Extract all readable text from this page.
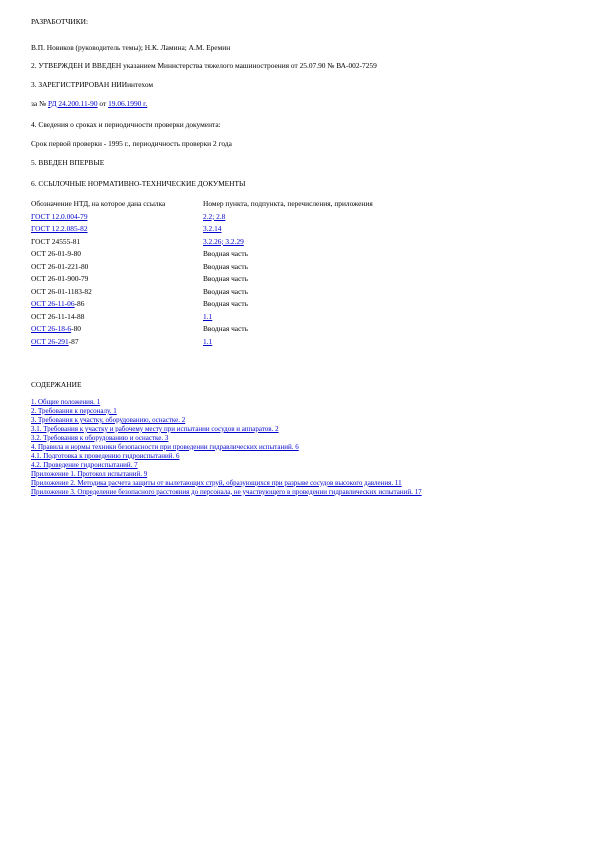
РАЗРАБОТЧИКИ:
В.П. Новиков (руководитель темы); Н.К. Ламина; А.М. Еремин
2. УТВЕРЖДЕН И ВВЕДЕН указанием Министерства тяжелого машиностроения от 25.07.90 № ВА-002-7259
3. ЗАРЕГИСТРИРОВАН НИИинтехом
за № РД 24.200.11-90 от 19.06.1990 г.
4. Сведения о сроках и периодичности проверки документа:
Срок первой проверки - 1995 г., периодичность проверки 2 года
5. ВВЕДЕН ВПЕРВЫЕ
6. ССЫЛОЧНЫЕ НОРМАТИВНО-ТЕХНИЧЕСКИЕ ДОКУМЕНТЫ
Обозначение НТД, на которое дана ссылка	Номер пункта, подпункта, перечисления, приложения
ГОСТ 12.0.004-79	2.2; 2.8
ГОСТ 12.2.085-82	3.2.14
ГОСТ 24555-81	3.2.26; 3.2.29
ОСТ 26-01-9-80	Вводная часть
ОСТ 26-01-221-80	Вводная часть
ОСТ 26-01-900-79	Вводная часть
ОСТ 26-01-1183-82	Вводная часть
ОСТ 26-11-06-86	Вводная часть
ОСТ 26-11-14-88	1.1
ОСТ 26-18-6-80	Вводная часть
ОСТ 26-291-87	1.1
СОДЕРЖАНИЕ
1. Общие положения. 1
2. Требования к персоналу. 1
3. Требования к участку, оборудованию, оснастке. 2
3.1. Требования к участку и рабочему месту при испытании сосудов и аппаратов. 2
3.2. Требования к оборудованию и оснастке. 3
4. Правила и нормы техники безопасности при проведении гидравлических испытаний. 6
4.1. Подготовка к проведению гидроиспытаний. 6
4.2. Проведение гидроиспытаний. 7
Приложение 1. Протокол испытаний. 9
Приложение 2. Методика расчета защиты от вылетающих струй, образующихся при разрыве сосудов высокого давления. 11
Приложение 3. Определение безопасного расстояния до персонала, не участвующего в проведении гидравлических испытаний. 17
